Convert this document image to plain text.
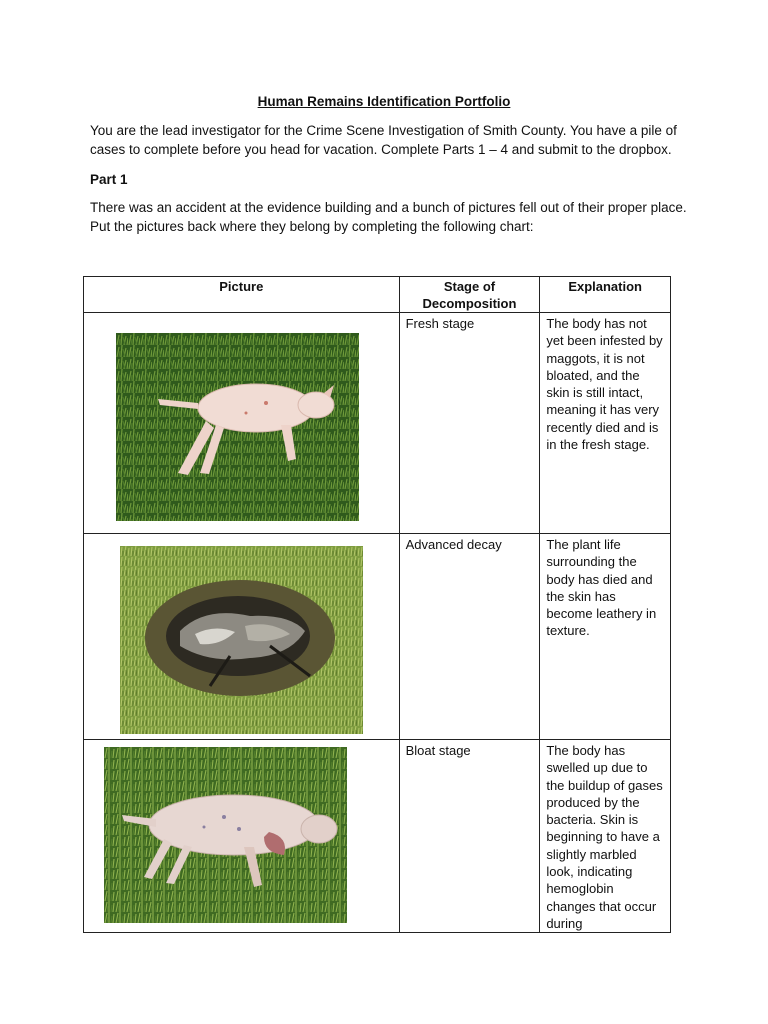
Human Remains Identification Portfolio
You are the lead investigator for the Crime Scene Investigation of Smith County. You have a pile of cases to complete before you head for vacation. Complete Parts 1 – 4 and submit to the dropbox.
Part 1
There was an accident at the evidence building and a bunch of pictures fell out of their proper place. Put the pictures back where they belong by completing the following chart:
Picture	Stage of Decomposition	Explanation

Fresh stage	The body has not yet been infested by maggots, it is not bloated, and the skin is still intact, meaning it has very recently died and is in the fresh stage.

Advanced decay	The plant life surrounding the body has died and the skin has become leathery in texture.

Bloat stage	The body has swelled up due to the buildup of gases produced by the bacteria. Skin is beginning to have a slightly marbled look, indicating hemoglobin changes that occur during
